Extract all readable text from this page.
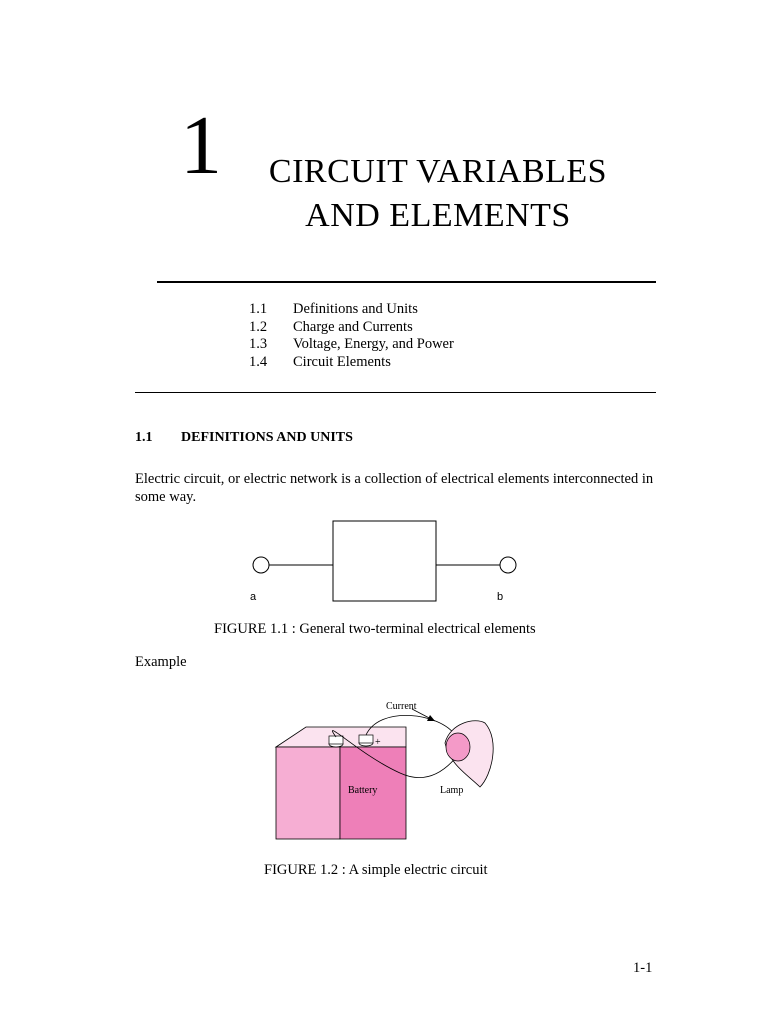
1	CIRCUIT VARIABLES
AND ELEMENTS
1.1	Definitions and Units
1.2	Charge and Currents
1.3	Voltage, Energy, and Power
1.4	Circuit Elements
1.1 DEFINITIONS AND UNITS
Electric circuit, or electric network is a collection of electrical elements interconnected in some way.
a	b
FIGURE 1.1 : General two-terminal electrical elements
Example
+
Current
Lamp
Battery
FIGURE 1.2 : A simple electric circuit
1-1
